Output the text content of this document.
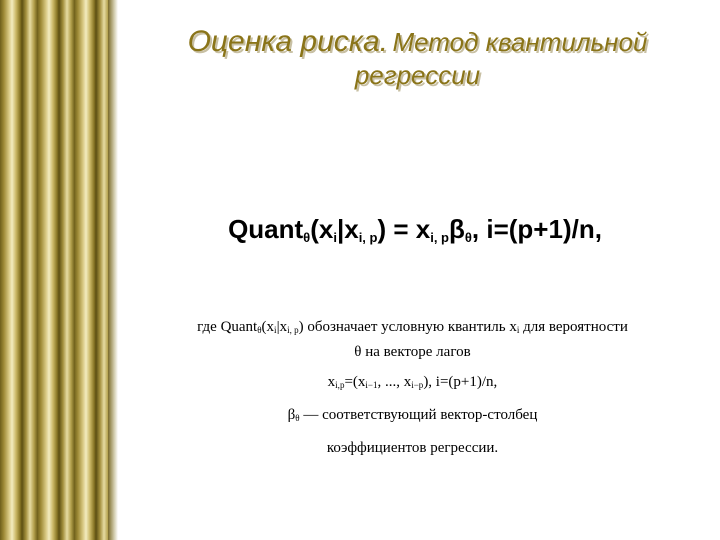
Оценка риска. Метод квантильной
регрессии
$Quant_\theta(x_i|x_{i, p}) = x_{i, p}\beta_\theta$, i=(p+1)/n,

где $Quant_\theta(x_i|x_{i, p})$ обозначает условную квантиль $x_i$ для вероятности

θ на векторе лагов

$x_{i,p}=(x_{i-1}$, ..., $x_{i-p}$), i=(p+1)/n,

$\beta_\theta$ — соответствующий вектор-столбец

коэффициентов регрессии.
